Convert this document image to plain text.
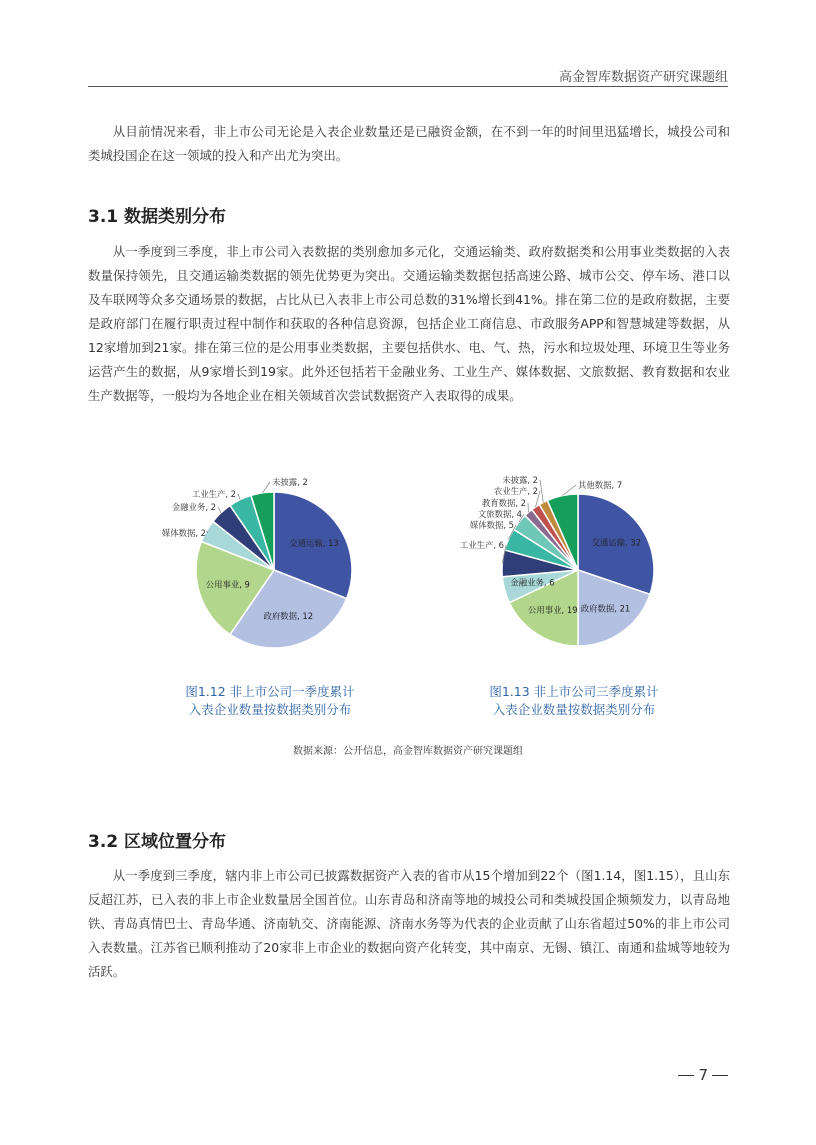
高金智库数据资产研究课题组

从目前情况来看，非上市公司无论是入表企业数量还是已融资金额，在不到一年的时间里迅猛增长，城投公司和类城投国企在这一领域的投入和产出尤为突出。

3.1 数据类别分布

从一季度到三季度，非上市公司入表数据的类别愈加多元化，交通运输类、政府数据类和公用事业类数据的入表数量保持领先，且交通运输类数据的领先优势更为突出。交通运输类数据包括高速公路、城市公交、停车场、港口以及车联网等众多交通场景的数据，占比从已入表非上市公司总数的31%增长到41%。排在第二位的是政府数据，主要是政府部门在履行职责过程中制作和获取的各种信息资源，包括企业工商信息、市政服务APP和智慧城建等数据，从12家增加到21家。排在第三位的是公用事业类数据，主要包括供水、电、气、热，污水和垃圾处理、环境卫生等业务运营产生的数据，从9家增长到19家。此外还包括若干金融业务、工业生产、媒体数据、文旅数据、教育数据和农业生产数据等，一般均为各地企业在相关领域首次尝试数据资产入表取得的成果。

交通运输, 13
政府数据, 12
公用事业, 9
媒体数据, 2
金融业务, 2
工业生产, 2
未披露, 2
交通运输, 32
政府数据, 21
公用事业, 19
金融业务, 6
工业生产, 6
媒体数据, 5
文旅数据, 4
教育数据, 2
农业生产, 2
未披露, 2	其他数据, 7
图1.12 非上市公司一季度累计
入表企业数量按数据类别分布
图1.13 非上市公司三季度累计
入表企业数量按数据类别分布
数据来源：公开信息，高金智库数据资产研究课题组
3.2 区域位置分布

从一季度到三季度，辖内非上市公司已披露数据资产入表的省市从15个增加到22个（图1.14，图1.15），且山东反超江苏，已入表的非上市企业数量居全国首位。山东青岛和济南等地的城投公司和类城投国企频频发力，以青岛地铁、青岛真情巴士、青岛华通、济南轨交、济南能源、济南水务等为代表的企业贡献了山东省超过50%的非上市公司入表数量。江苏省已顺利推动了20家非上市企业的数据向资产化转变，其中南京、无锡、镇江、南通和盐城等地较为活跃。

7
